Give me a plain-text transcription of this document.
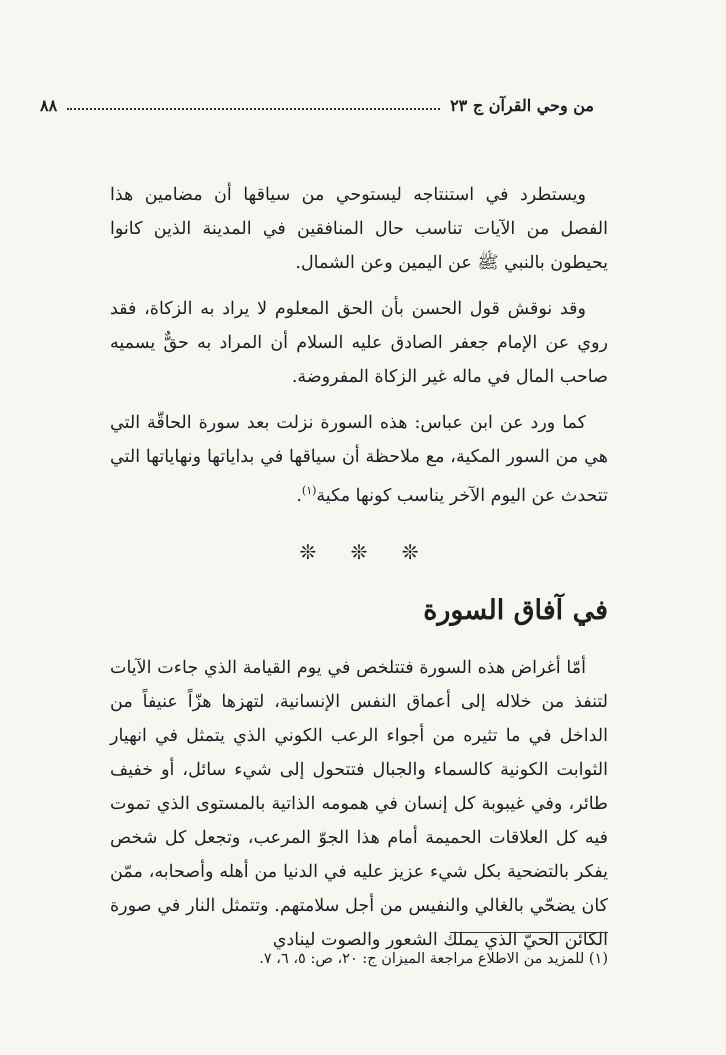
من وحي القرآن ج ٢٣
٨٨

ويستطرد في استنتاجه ليستوحي من سياقها أن مضامين هذا الفصل من الآيات تناسب حال المنافقين في المدينة الذين كانوا يحيطون بالنبي ﷺ عن اليمين وعن الشمال.

وقد نوقش قول الحسن بأن الحق المعلوم لا يراد به الزكاة، فقد روي عن الإمام جعفر الصادق عليه السلام أن المراد به حقٌّ يسميه صاحب المال في ماله غير الزكاة المفروضة.

كما ورد عن ابن عباس: هذه السورة نزلت بعد سورة الحاقّة التي هي من السور المكية، مع ملاحظة أن سياقها في بداياتها ونهاياتها التي تتحدث عن اليوم الآخر يناسب كونها مكية$^{(١)}$.

❊ ❊ ❊
في آفاق السورة

أمّا أغراض هذه السورة فتتلخص في يوم القيامة الذي جاءت الآيات لتنفذ من خلاله إلى أعماق النفس الإنسانية، لتهزها هزّاً عنيفاً من الداخل في ما تثيره من أجواء الرعب الكوني الذي يتمثل في انهيار الثوابت الكونية كالسماء والجبال فتتحول إلى شيء سائل، أو خفيف طائر، وفي غيبوبة كل إنسان في همومه الذاتية بالمستوى الذي تموت فيه كل العلاقات الحميمة أمام هذا الجوّ المرعب، وتجعل كل شخص يفكر بالتضحية بكل شيء عزيز عليه في الدنيا من أهله وأصحابه، ممّن كان يضحّي بالغالي والنفيس من أجل سلامتهم. وتتمثل النار في صورة الكائن الحيّ الذي يملك الشعور والصوت لينادي

(١) للمزيد من الاطلاع مراجعة الميزان ج: ٢٠، ص: ٥، ٦، ٧.
